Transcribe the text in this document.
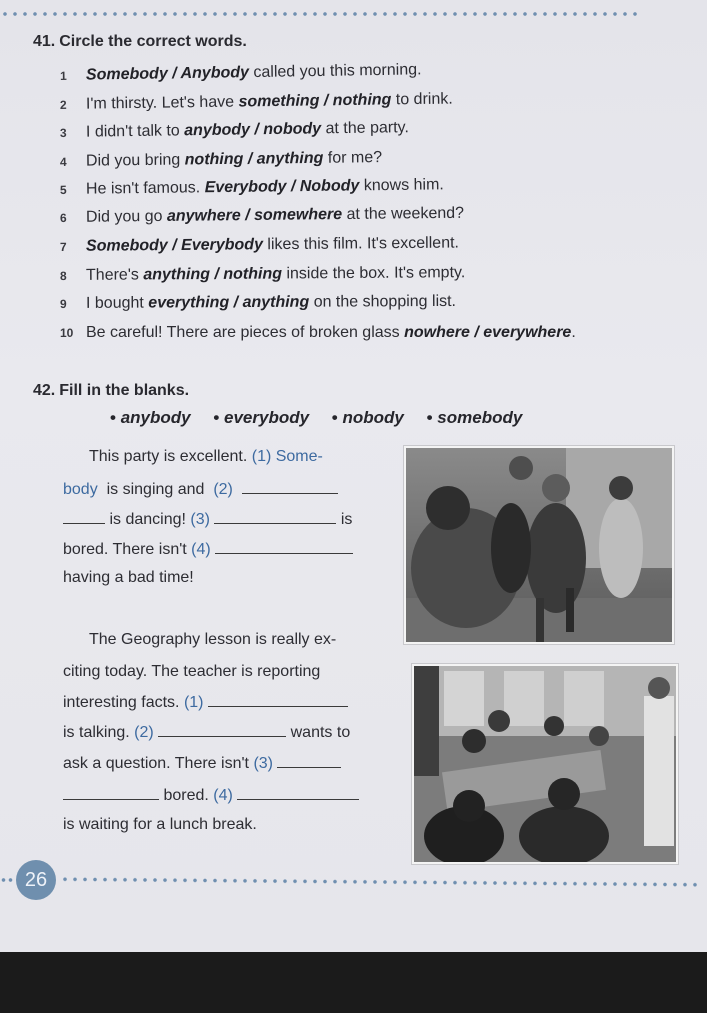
41. Circle the correct words.
1 Somebody / Anybody called you this morning.
2 I'm thirsty. Let's have something / nothing to drink.
3 I didn't talk to anybody / nobody at the party.
4 Did you bring nothing / anything for me?
5 He isn't famous. Everybody / Nobody knows him.
6 Did you go anywhere / somewhere at the weekend?
7 Somebody / Everybody likes this film. It's excellent.
8 There's anything / nothing inside the box. It's empty.
9 I bought everything / anything on the shopping list.
10 Be careful! There are pieces of broken glass nowhere / everywhere.
42. Fill in the blanks.
• anybody • everybody • nobody • somebody
This party is excellent. (1) Some-
body is singing and (2)
is dancing! (3)	is
bored. There isn't (4)
having a bad time!
The Geography lesson is really ex-
citing today. The teacher is reporting
interesting facts. (1)
is talking. (2)	wants to
ask a question. There isn't (3)
bored. (4)
is waiting for a lunch break.
26
